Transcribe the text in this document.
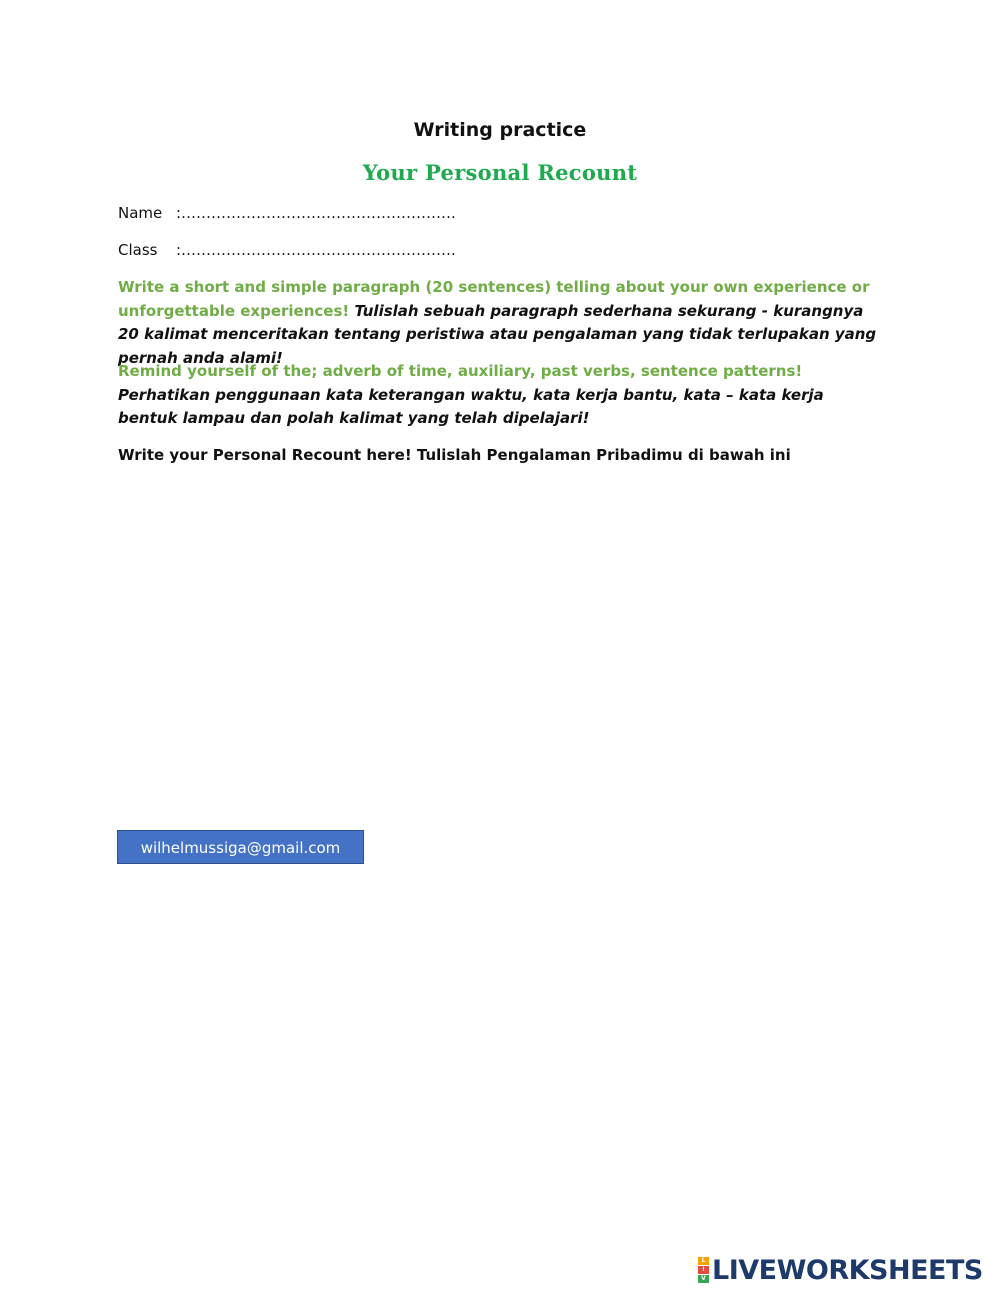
Writing practice
Your Personal Recount
Name :……………………………………………….
Class :……………………………………………….
Write a short and simple paragraph (20 sentences) telling about your own experience or unforgettable experiences! Tulislah sebuah paragraph sederhana sekurang - kurangnya 20 kalimat menceritakan tentang peristiwa atau pengalaman yang tidak terlupakan yang pernah anda alami!
Remind yourself of the; adverb of time, auxiliary, past verbs, sentence patterns! Perhatikan penggunaan kata keterangan waktu, kata kerja bantu, kata – kata kerja bentuk lampau dan polah kalimat yang telah dipelajari!
Write your Personal Recount here! Tulislah Pengalaman Pribadimu di bawah ini
wilhelmussiga@gmail.com
L
I
V LIVEWORKSHEETS
